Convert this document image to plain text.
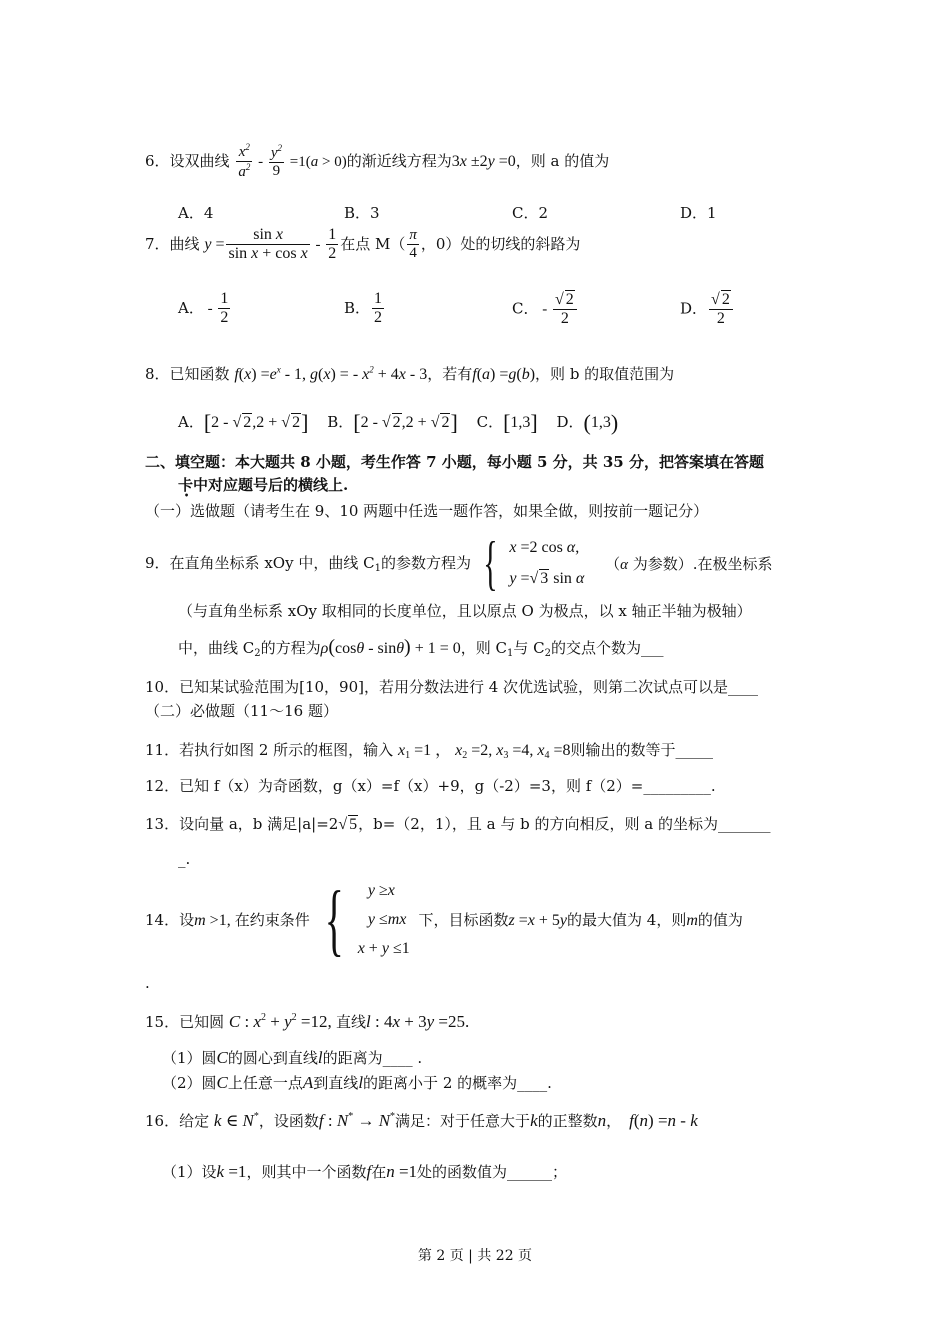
6．设双曲线 $\frac{x^2}{a^2} - \frac{y^2}{9} =1(a > 0)$的渐近线方程为3x ±2y =0，则 a 的值为
A．4	B．3	C．2	D．1
7．曲线 $y = \frac{\text{sin x}}{\text{sin x + cos x}} - \frac{1}{2}$ 在点 $M( \frac{\pi}{4}$ ，0）处的切线的斜路为
A． - $\frac{1}{2}$	B． $\frac{1}{2}$	C． - $\frac{√ 2}{2}$	D． $\frac{√ 2}{2}$
8．已知函数 $f(x) =e^x - 1$, g(x) = - $x^2 + 4x - 3$，若有f(a) =g(b)，则 b 的取值范围为
A．[2 - √ 2,2 + √ 2] B．[2 - √ 2,2 + √ 2] C．[1,3] D．(1,3)
二、填空题：本大题共 8 小题，考生作答 7 小题，每小题 5 分，共 35 分，把答案填在答题
卡中对应题号后的横线上.
（一）选做题（请考生在 9、10 两题中任选一题作答，如果全做，则按前一题记分）
9．在直角坐标系 xOy 中，曲线 $C_1$的参数方程为 { x =2 cos α,
y =√ 3 sin α （α 为参数）.在极坐标系
（与直角坐标系 xOy 取相同的长度单位，且以原点 O 为极点，以 x 轴正半轴为极轴）
中，曲线 $C_2$的方程为ρ(cosθ - sinθ) + 1 = 0，则 $C_1$与 $C_2$的交点个数为___
10．已知某试验范围为[10，90]，若用分数法进行 4 次优选试验，则第二次试点可以是____
（二）必做题（11～16 题）
11．若执行如图 2 所示的框图，输入 $x_1 =1$ ， $x_2 =2$, $x_3 =4$, $x_4 =8$则输出的数等于_____
12．已知 f（x）为奇函数，g（x）=f（x）+9，g（-2）=3，则 f（2）=_________.
13．设向量 a，b 满足|a|=2√ 5，b=（2，1），且 a 与 b 的方向相反，则 a 的坐标为_______
_.
14．设m >1, 在约束条件 { y ≥x
y ≤mx
x + y ≤1 下，目标函数z =x + 5y的最大值为 4，则m的值为
.
15．已知圆 C : $x^2 + y^2 =12$, 直线l : 4x + 3y =25.
（1）圆C的圆心到直线l的距离为____ .
（2）圆C上任意一点A到直线l的距离小于 2 的概率为____.
16．给定 k ∈ N*，设函数f : N* → N*满足：对于任意大于k的正整数n， f(n) =n - k
（1）设k =1，则其中一个函数f在n =1处的函数值为______；
第 2 页 | 共 22 页
